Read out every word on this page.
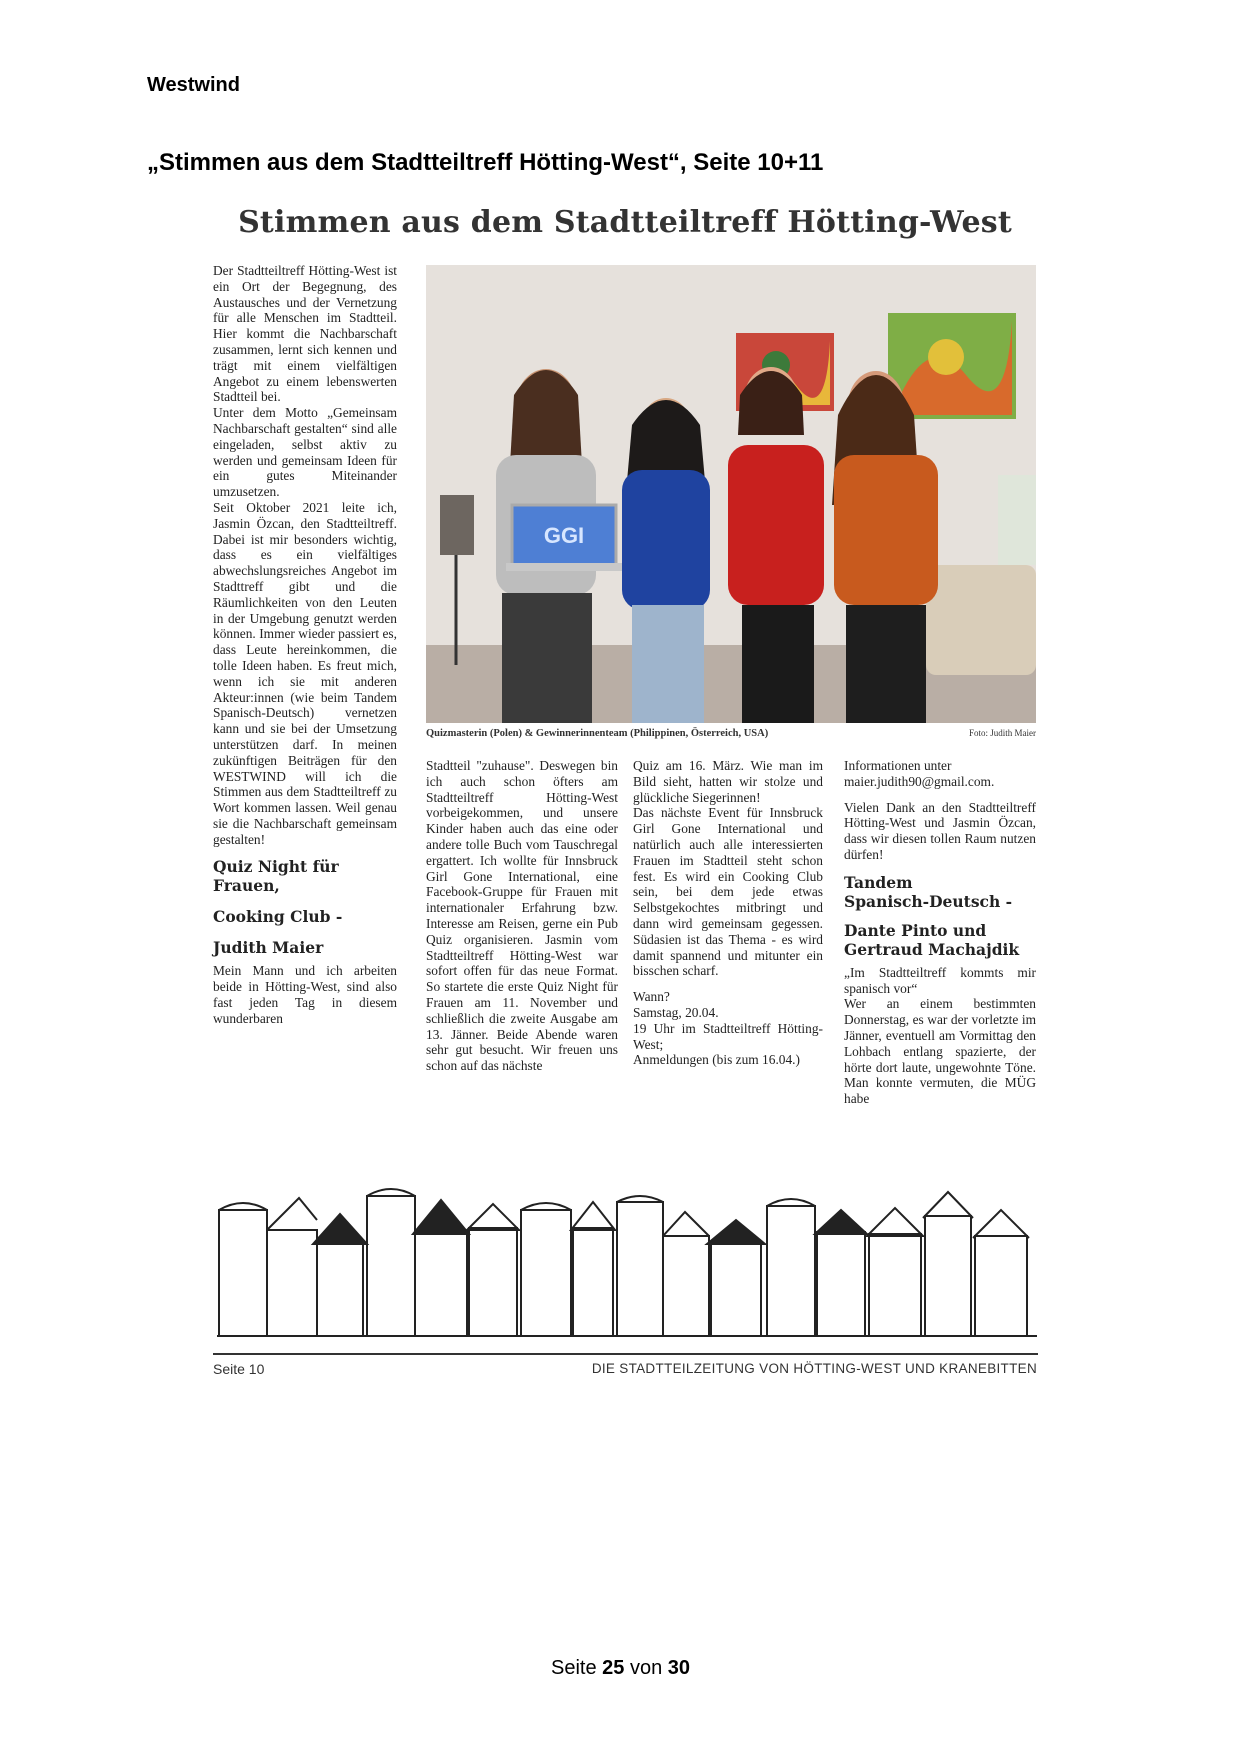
Westwind
„Stimmen aus dem Stadtteiltreff Hötting-West“, Seite 10+11
Stimmen aus dem Stadtteiltreff Hötting-West

Der Stadtteiltreff Hötting-West ist ein Ort der Begegnung, des Austausches und der Vernetzung für alle Menschen im Stadtteil. Hier kommt die Nachbarschaft zusammen, lernt sich kennen und trägt mit einem vielfältigen Angebot zu einem lebenswerten Stadtteil bei.

Unter dem Motto „Gemeinsam Nachbarschaft gestalten“ sind alle eingeladen, selbst aktiv zu werden und gemeinsam Ideen für ein gutes Miteinander umzusetzen.

Seit Oktober 2021 leite ich, Jasmin Özcan, den Stadtteiltreff. Dabei ist mir besonders wichtig, dass es ein vielfältiges abwechslungsreiches Angebot im Stadttreff gibt und die Räumlichkeiten von den Leuten in der Umgebung genutzt werden können. Immer wieder passiert es, dass Leute hereinkommen, die tolle Ideen haben. Es freut mich, wenn ich sie mit anderen Akteur:innen (wie beim Tandem Spanisch-Deutsch) vernetzen kann und sie bei der Umsetzung unterstützen darf. In meinen zukünftigen Beiträgen für den WESTWIND will ich die Stimmen aus dem Stadtteiltreff zu Wort kommen lassen. Weil genau sie die Nachbarschaft gemeinsam gestalten!

Quiz Night für Frauen,
Cooking Club -
Judith Maier

Mein Mann und ich arbeiten beide in Hötting-West, sind also fast jeden Tag in diesem wunderbaren

GGI
Quizmasterin (Polen) & Gewinnerinnenteam (Philippinen, Österreich, USA)	Foto: Judith Maier

Stadtteil "zuhause". Deswegen bin ich auch schon öfters am Stadtteiltreff Hötting-West vorbeigekommen, und unsere Kinder haben auch das eine oder andere tolle Buch vom Tauschregal ergattert. Ich wollte für Innsbruck Girl Gone International, eine Facebook-Gruppe für Frauen mit internationaler Erfahrung bzw. Interesse am Reisen, gerne ein Pub Quiz organisieren. Jasmin vom Stadtteiltreff Hötting-West war sofort offen für das neue Format. So startete die erste Quiz Night für Frauen am 11. November und schließlich die zweite Ausgabe am 13. Jänner. Beide Abende waren sehr gut besucht. Wir freuen uns schon auf das nächste

Quiz am 16. März. Wie man im Bild sieht, hatten wir stolze und glückliche Siegerinnen!

Das nächste Event für Innsbruck Girl Gone International und natürlich auch alle interessierten Frauen im Stadtteil steht schon fest. Es wird ein Cooking Club sein, bei dem jede etwas Selbstgekochtes mitbringt und dann wird gemeinsam gegessen. Südasien ist das Thema - es wird damit spannend und mitunter ein bisschen scharf.

Wann?

Samstag, 20.04.

19 Uhr im Stadtteiltreff Hötting-West;

Anmeldungen (bis zum 16.04.)

Informationen unter maier.judith90@gmail.com.

Vielen Dank an den Stadtteiltreff Hötting-West und Jasmin Özcan, dass wir diesen tollen Raum nutzen dürfen!

Tandem
Spanisch-Deutsch -
Dante Pinto und Gertraud Machajdik

„Im Stadtteiltreff kommts mir spanisch vor“

Wer an einem bestimmten Donnerstag, es war der vorletzte im Jänner, eventuell am Vormittag den Lohbach entlang spazierte, der hörte dort laute, ungewohnte Töne. Man konnte vermuten, die MÜG habe

Seite 10	DIE STADTTEILZEITUNG VON HÖTTING-WEST UND KRANEBITTEN
Seite 25 von 30
